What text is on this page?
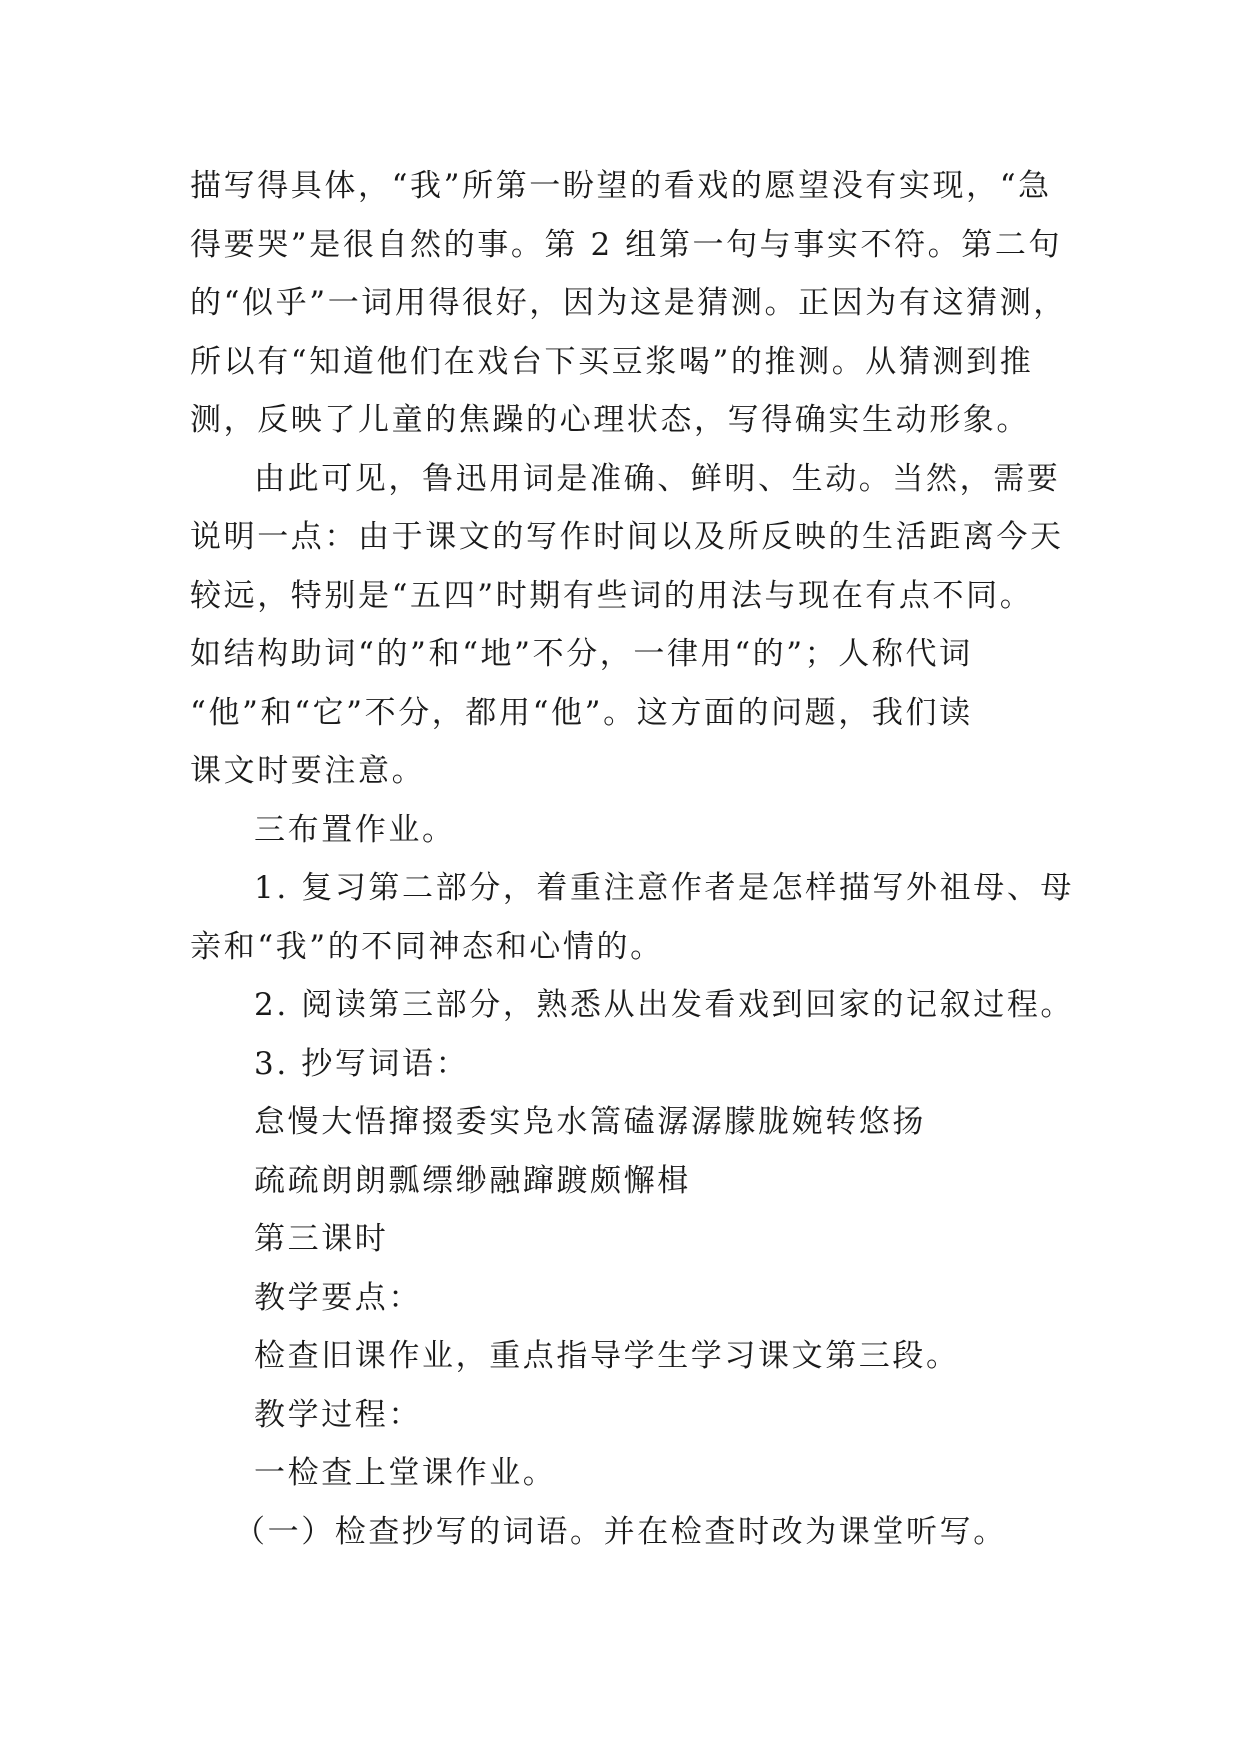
描写得具体，“我”所第一盼望的看戏的愿望没有实现，“急

得要哭”是很自然的事。第 2 组第一句与事实不符。第二句

的“似乎”一词用得很好，因为这是猜测。正因为有这猜测，

所以有“知道他们在戏台下买豆浆喝”的推测。从猜测到推

测，反映了儿童的焦躁的心理状态，写得确实生动形象。

由此可见，鲁迅用词是准确、鲜明、生动。当然，需要

说明一点：由于课文的写作时间以及所反映的生活距离今天

较远，特别是“五四”时期有些词的用法与现在有点不同。

如结构助词“的”和“地”不分，一律用“的”；人称代词

“他”和“它”不分，都用“他”。这方面的问题，我们读

课文时要注意。

三布置作业。

1. 复习第二部分，着重注意作者是怎样描写外祖母、母

亲和“我”的不同神态和心情的。

2. 阅读第三部分，熟悉从出发看戏到回家的记叙过程。

3. 抄写词语：

怠慢大悟撺掇委实凫水篙磕潺潺朦胧婉转悠扬

疏疏朗朗瓢缥缈融蹿踱颇懈楫

第三课时

教学要点：

检查旧课作业，重点指导学生学习课文第三段。

教学过程：

一检查上堂课作业。

（一）检查抄写的词语。并在检查时改为课堂听写。
